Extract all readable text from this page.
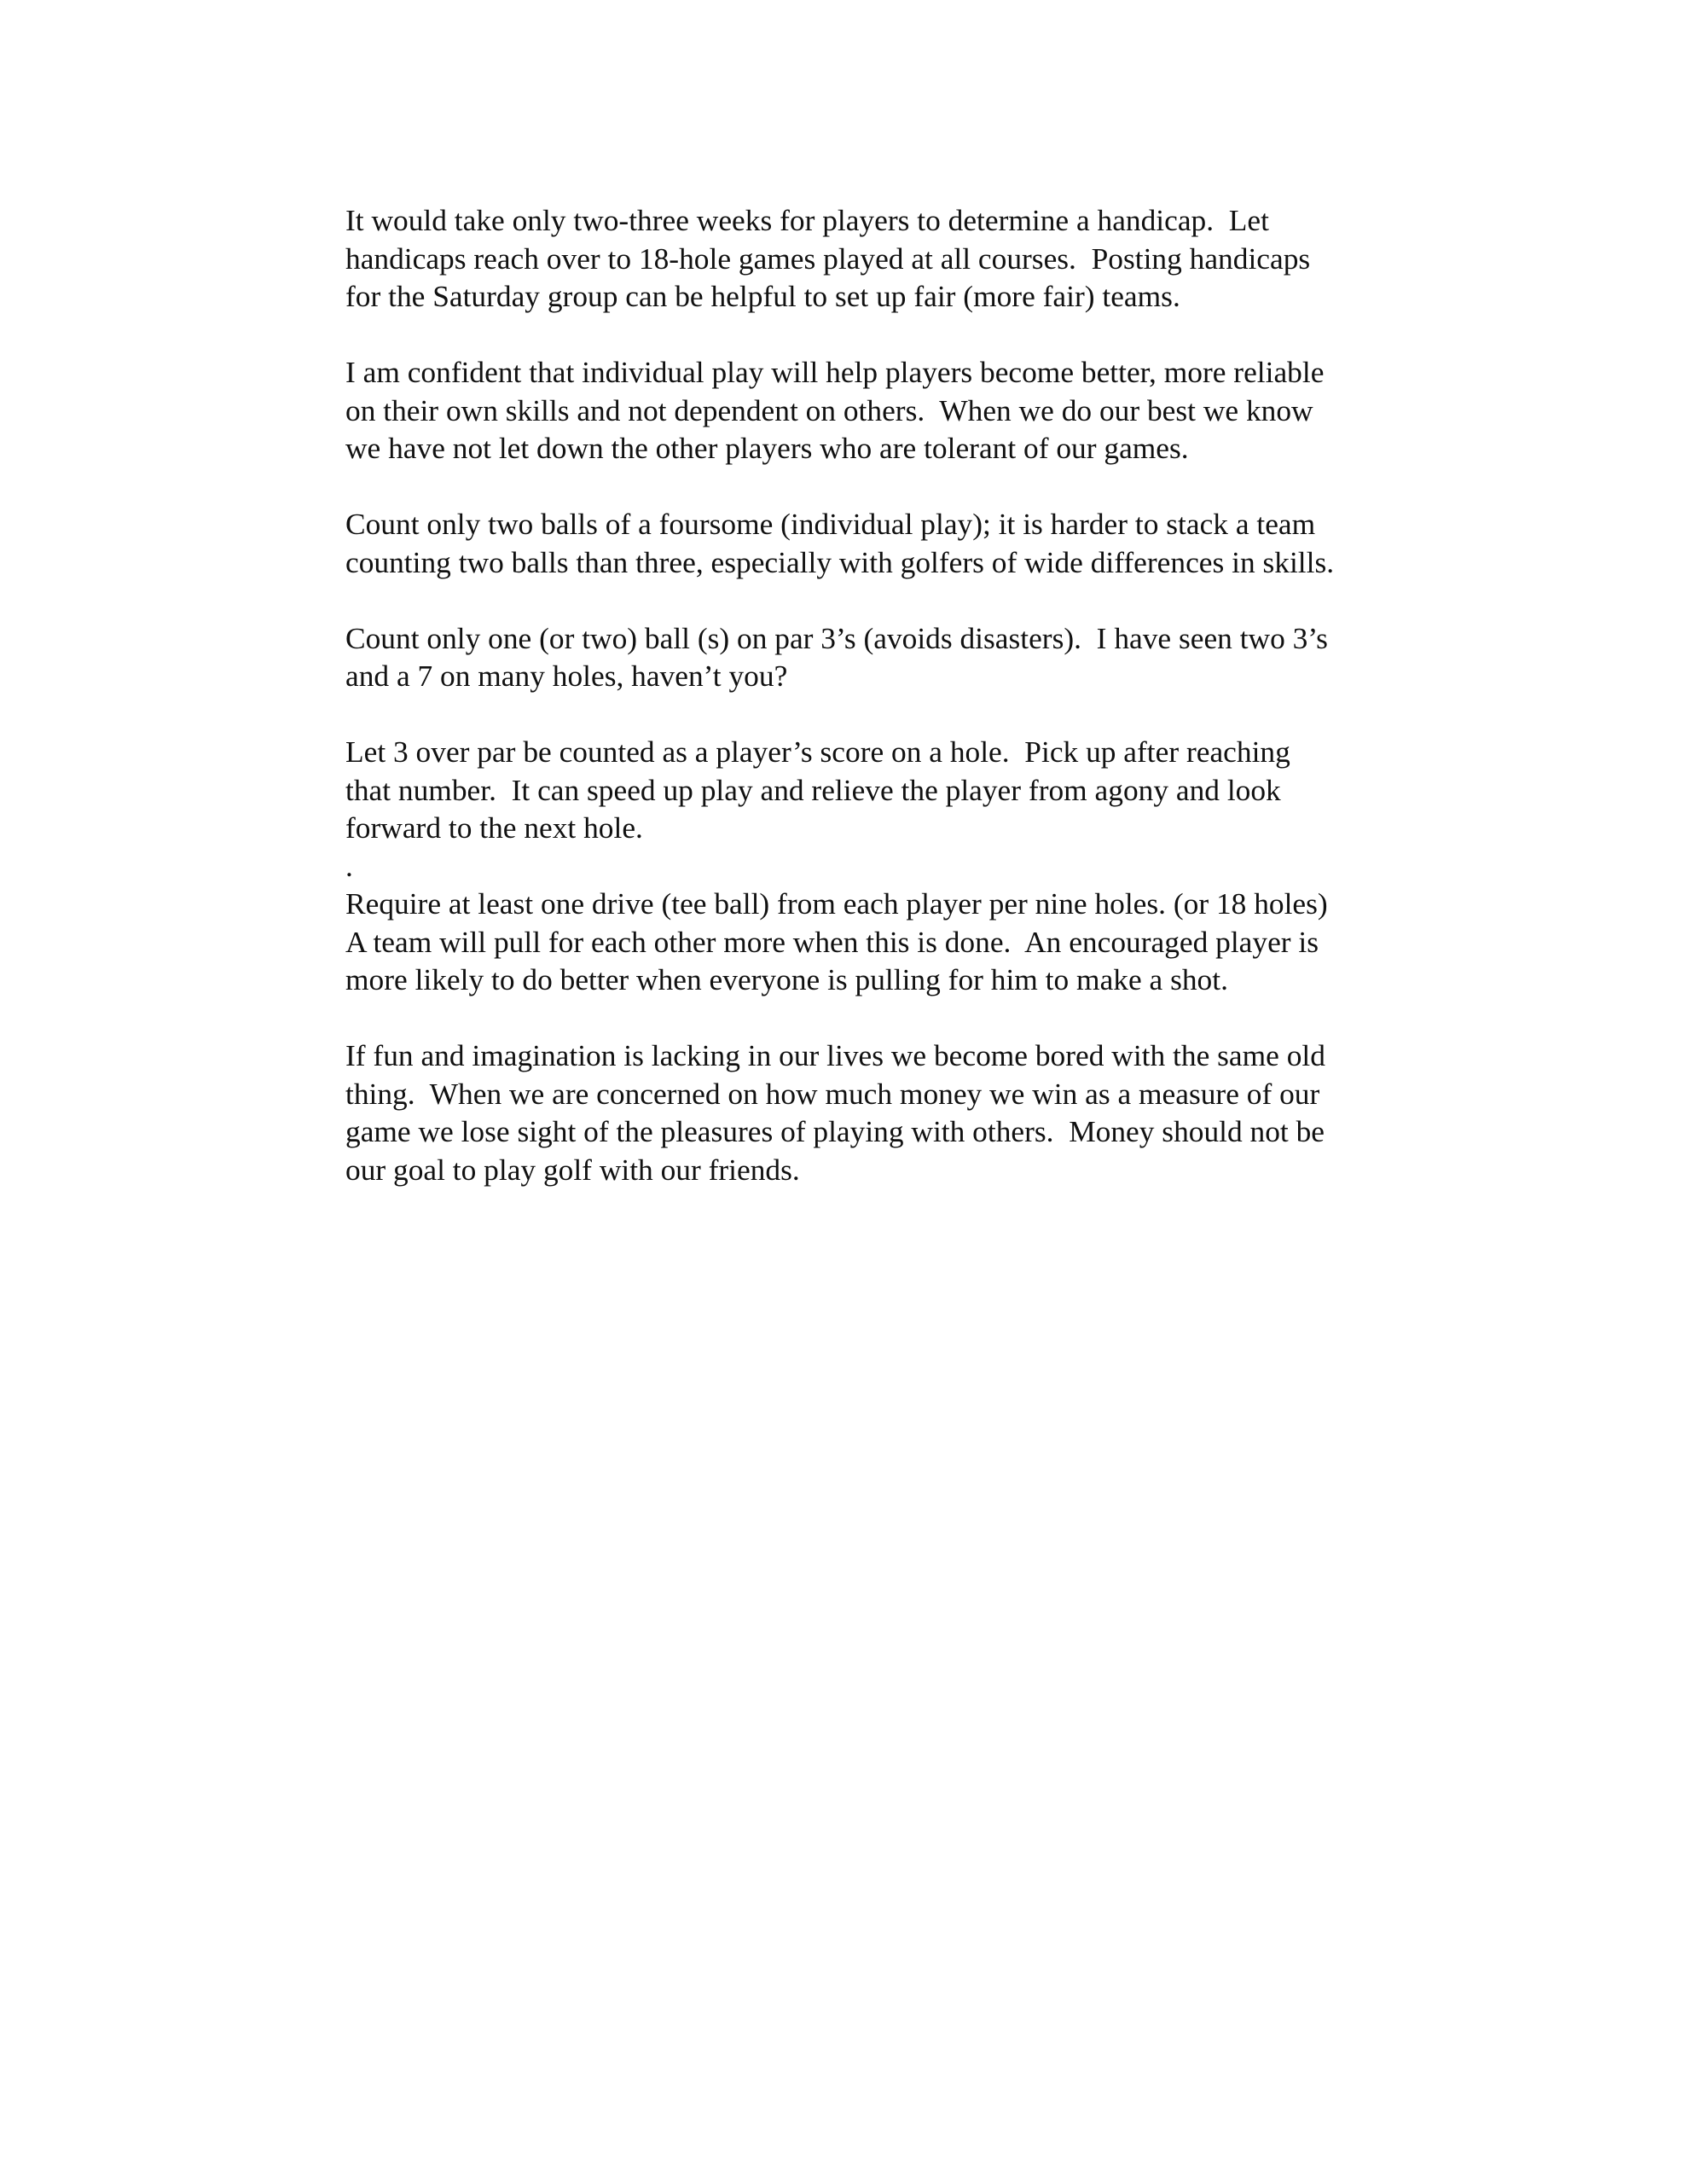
It would take only two-three weeks for players to determine a handicap.  Let
handicaps reach over to 18-hole games played at all courses.  Posting handicaps
for the Saturday group can be helpful to set up fair (more fair) teams.

I am confident that individual play will help players become better, more reliable
on their own skills and not dependent on others.  When we do our best we know
we have not let down the other players who are tolerant of our games.

Count only two balls of a foursome (individual play); it is harder to stack a team
counting two balls than three, especially with golfers of wide differences in skills.

Count only one (or two) ball (s) on par 3’s (avoids disasters).  I have seen two 3’s
and a 7 on many holes, haven’t you?

Let 3 over par be counted as a player’s score on a hole.  Pick up after reaching
that number.  It can speed up play and relieve the player from agony and look
forward to the next hole.
.

Require at least one drive (tee ball) from each player per nine holes. (or 18 holes)
A team will pull for each other more when this is done.  An encouraged player is
more likely to do better when everyone is pulling for him to make a shot.

If fun and imagination is lacking in our lives we become bored with the same old
thing.  When we are concerned on how much money we win as a measure of our
game we lose sight of the pleasures of playing with others.  Money should not be
our goal to play golf with our friends.
